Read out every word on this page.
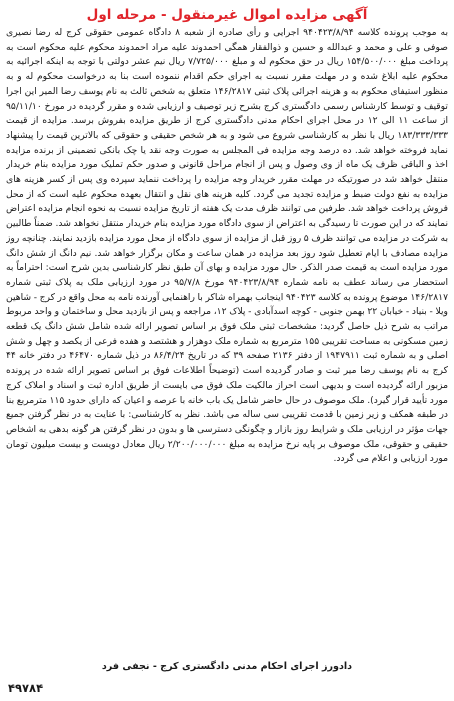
آگهی مزایده اموال غیرمنقول - مرحله اول

به موجب پرونده کلاسه ۹۴۰۴۲۳/۸/۹۴ اجرایی و رأی صادره از شعبه ۸ دادگاه عمومی حقوقی کرج له رضا نصیری صوفی و علی و محمد و عبدالله و حسین و ذوالفقار همگی احمدوند علیه مراد احمدوند محکوم علیه محکوم است به پرداخت مبلغ ۱۵۴/۵۰۰/۰۰۰ ریال در حق محکوم له و مبلغ ۷/۷۲۵/۰۰۰ ریال نیم عشر دولتی با توجه به اینکه اجرائیه به محکوم علیه ابلاغ شده و در مهلت مقرر نسبت به اجرای حکم اقدام ننموده است بنا به درخواست محکوم له و به منظور استیفای محکوم به و هزینه اجرائی پلاک ثبتی ۱۴۶/۲۸۱۷ متعلق به شخص ثالث به نام یوسف رضا المیر این اجرا توقیف و توسط کارشناس رسمی دادگستری کرج بشرح زیر توصیف و ارزیابی شده و مقرر گردیده در مورخ ۹۵/۱۱/۱۰ از ساعت ۱۱ الی ۱۲ در محل اجرای احکام مدنی دادگستری کرج از طریق مزایده بفروش برسد. مزایده از قیمت ۱۸۳/۳۳۳/۳۳۳ ریال با نظر به کارشناسی شروع می شود و به هر شخص حقیقی و حقوقی که بالاترین قیمت را پیشنهاد نماید فروخته خواهد شد. ده درصد وجه مزایده فی المجلس به صورت وجه نقد یا چک بانکی تضمینی از برنده مزایده اخذ و الباقی ظرف یک ماه از وی وصول و پس از انجام مراحل قانونی و صدور حکم تملیک مورد مزایده بنام خریدار منتقل خواهد شد در صورتیکه در مهلت مقرر خریدار وجه مزایده را پرداخت ننماید سپرده وی پس از کسر هزینه های مزایده به نفع دولت ضبط و مزایده تجدید می گردد. کلیه هزینه های نقل و انتقال بعهده محکوم علیه است که از محل فروش پرداخت خواهد شد. طرفین می توانند ظرف مدت یک هفته از تاریخ مزایده نسبت به نحوه انجام مزایده اعتراض نمایند که در این صورت تا رسیدگی به اعتراض از سوی دادگاه مورد مزایده بنام خریدار منتقل نخواهد شد. ضمناً طالبین به شرکت در مزایده می توانند ظرف ۵ روز قبل از مزایده از سوی دادگاه از محل مورد مزایده بازدید نمایند. چنانچه روز مزایده مصادف با ایام تعطیل شود روز بعد مزایده در همان ساعت و مکان برگزار خواهد شد. نیم دانگ از شش دانگ مورد مزایده است به قیمت صدر الذکر. حال مورد مزایده و بهای آن طبق نظر کارشناسی بدین شرح است: احتراماً به استحضار می رساند عطف به نامه شماره ۹۴۰۴۲۳/۸/۹۴ مورخ ۹۵/۷/۸ در مورد ارزیابی ملک به پلاک ثبتی شماره ۱۴۶/۲۸۱۷ موضوع پرونده به کلاسه ۹۴۰۴۲۳ اینجانب بهمراه شاکر با راهنمایی آورنده نامه به محل واقع در کرج - شاهین ویلا - بنیاد - خیابان ۲۲ بهمن جنوبی - کوچه اسدآبادی - پلاک ۱۲، مراجعه و پس از بازدید محل و ساختمان و واحد مربوط مراتب به شرح ذیل حاصل گردید: مشخصات ثبتی ملک فوق بر اساس تصویر ارائه شده شامل شش دانگ یک قطعه زمین مسکونی به مساحت تقریبی ۱۵۵ مترمربع به شماره ملک دوهزار و هشتصد و هفده فرعی از یکصد و چهل و شش اصلی و به شماره ثبت ۱۹۴۷۹۱۱ از دفتر ۲۱۳۶ صفحه ۳۹ که در تاریخ ۸۶/۴/۲۴ در ذیل شماره ۴۶۴۷۰ در دفتر خانه ۴۴ کرج به نام یوسف رضا میر ثبت و صادر گردیده است (توضیحاً اطلاعات فوق بر اساس تصویر ارائه شده در پرونده مزبور ارائه گردیده است و بدیهی است احراز مالکیت ملک فوق می بایست از طریق اداره ثبت و اسناد و املاک کرج مورد تأیید قرار گیرد). ملک موصوف در حال حاضر شامل یک باب خانه با عرصه و اعیان که دارای حدود ۱۱۵ مترمربع بنا در طبقه همکف و زیر زمین با قدمت تقریبی سی ساله می باشد. نظر به کارشناسی: با عنایت به در نظر گرفتن جمیع جهات مؤثر در ارزیابی ملک و شرایط روز بازار و چگونگی دسترسی ها و بدون در نظر گرفتن هر گونه بدهی به اشخاص حقیقی و حقوقی، ملک موصوف بر پایه نرخ مزایده به مبلغ ۲/۲۰۰/۰۰۰/۰۰۰ ریال معادل دویست و بیست میلیون تومان مورد ارزیابی و اعلام می گردد.

دادورز اجرای احکام مدنی دادگستری کرج - نجفی فرد
۴۹۷۸۴
